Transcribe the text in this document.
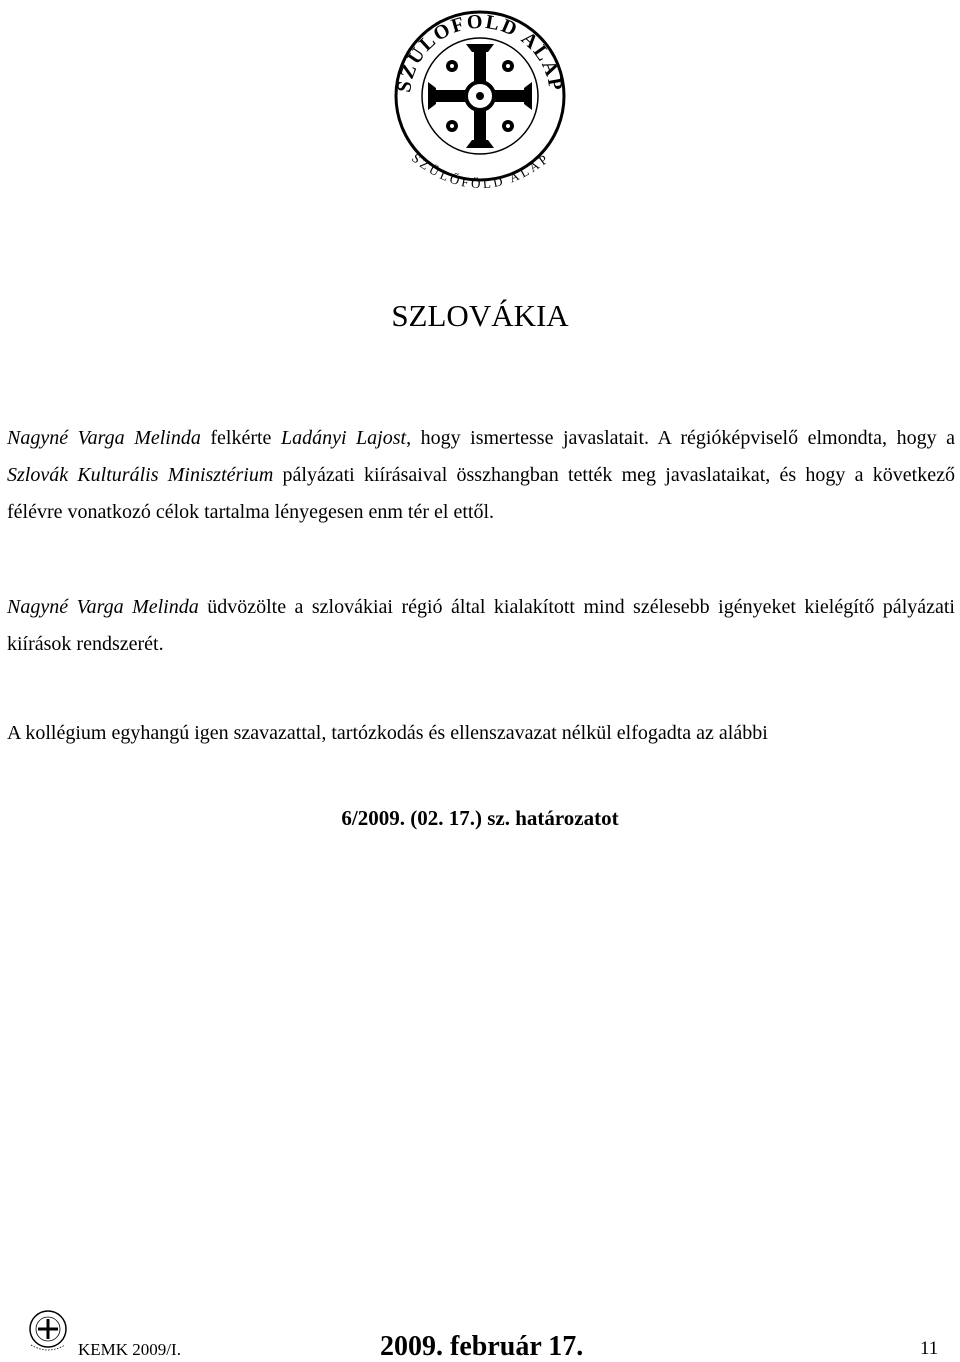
SZÜLŐFÖLD ALAP
SZÜLŐFÖLD ALAP
SZLOVÁKIA

Nagyné Varga Melinda felkérte Ladányi Lajost, hogy ismertesse javaslatait. A régióképviselő elmondta, hogy a Szlovák Kulturális Minisztérium pályázati kiírásaival összhangban tették meg javaslataikat, és hogy a következő félévre vonatkozó célok tartalma lényegesen enm tér el ettől.

Nagyné Varga Melinda üdvözölte a szlovákiai régió által kialakított mind szélesebb igényeket kielégítő pályázati kiírások rendszerét.

A kollégium egyhangú igen szavazattal, tartózkodás és ellenszavazat nélkül elfogadta az alábbi

6/2009. (02. 17.) sz. határozatot

KEMK 2009/I.	2009. február 17.	11
